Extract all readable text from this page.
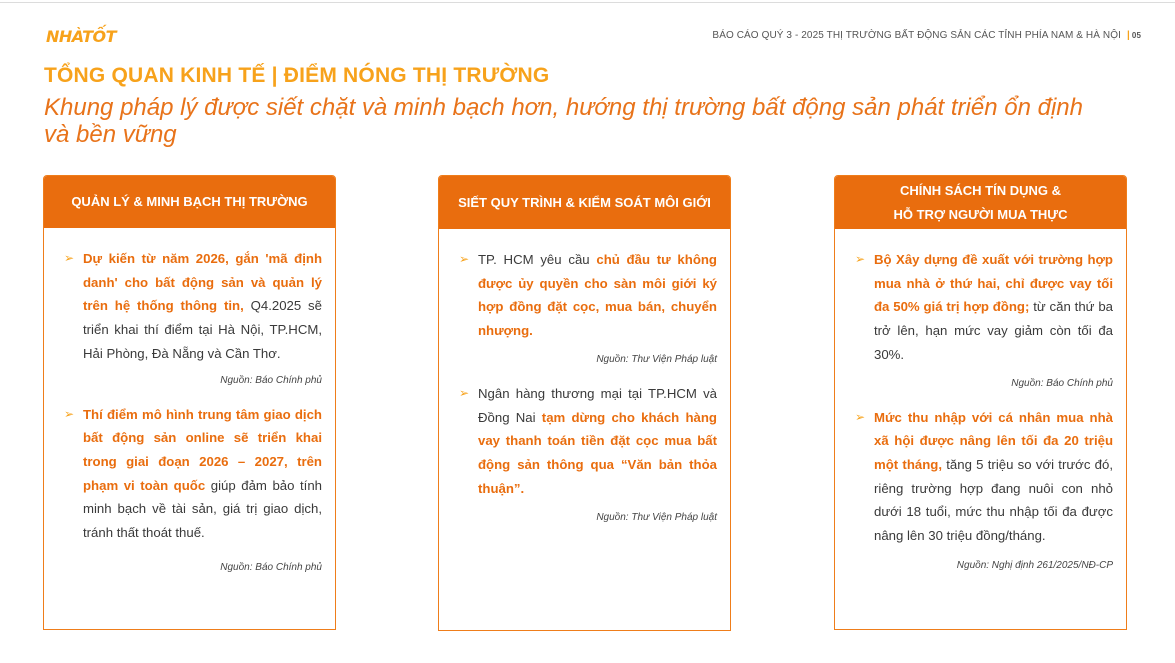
NHÀTỐT	BÁO CÁO QUÝ 3 - 2025 THỊ TRƯỜNG BẤT ĐỘNG SẢN CÁC TỈNH PHÍA NAM & HÀ NỘI | 05
TỔNG QUAN KINH TẾ | ĐIỂM NÓNG THỊ TRƯỜNG
Khung pháp lý được siết chặt và minh bạch hơn, hướng thị trường bất động sản phát triển ổn định và bền vững
QUẢN LÝ & MINH BẠCH THỊ TRƯỜNG
➢ Dự kiến từ năm 2026, gắn 'mã định danh' cho bất động sản và quản lý trên hệ thống thông tin, Q4.2025 sẽ triển khai thí điểm tại Hà Nội, TP.HCM, Hải Phòng, Đà Nẵng và Cần Thơ.
Nguồn: Báo Chính phủ
➢ Thí điểm mô hình trung tâm giao dịch bất động sản online sẽ triển khai trong giai đoạn 2026 – 2027, trên phạm vi toàn quốc giúp đảm bảo tính minh bạch về tài sản, giá trị giao dịch, tránh thất thoát thuế.
Nguồn: Báo Chính phủ
SIẾT QUY TRÌNH & KIỂM SOÁT MÔI GIỚI
➢ TP. HCM yêu cầu chủ đầu tư không được ủy quyền cho sàn môi giới ký hợp đồng đặt cọc, mua bán, chuyển nhượng.
Nguồn: Thư Viện Pháp luật
➢ Ngân hàng thương mại tại TP.HCM và Đồng Nai tạm dừng cho khách hàng vay thanh toán tiền đặt cọc mua bất động sản thông qua “Văn bản thỏa thuận”.
Nguồn: Thư Viện Pháp luật
CHÍNH SÁCH TÍN DỤNG &
HỖ TRỢ NGƯỜI MUA THỰC
➢ Bộ Xây dựng đề xuất với trường hợp mua nhà ở thứ hai, chỉ được vay tối đa 50% giá trị hợp đồng; từ căn thứ ba trở lên, hạn mức vay giảm còn tối đa 30%.
Nguồn: Báo Chính phủ
➢ Mức thu nhập với cá nhân mua nhà xã hội được nâng lên tối đa 20 triệu một tháng, tăng 5 triệu so với trước đó, riêng trường hợp đang nuôi con nhỏ dưới 18 tuổi, mức thu nhập tối đa được nâng lên 30 triệu đồng/tháng.
Nguồn: Nghị định 261/2025/NĐ-CP
